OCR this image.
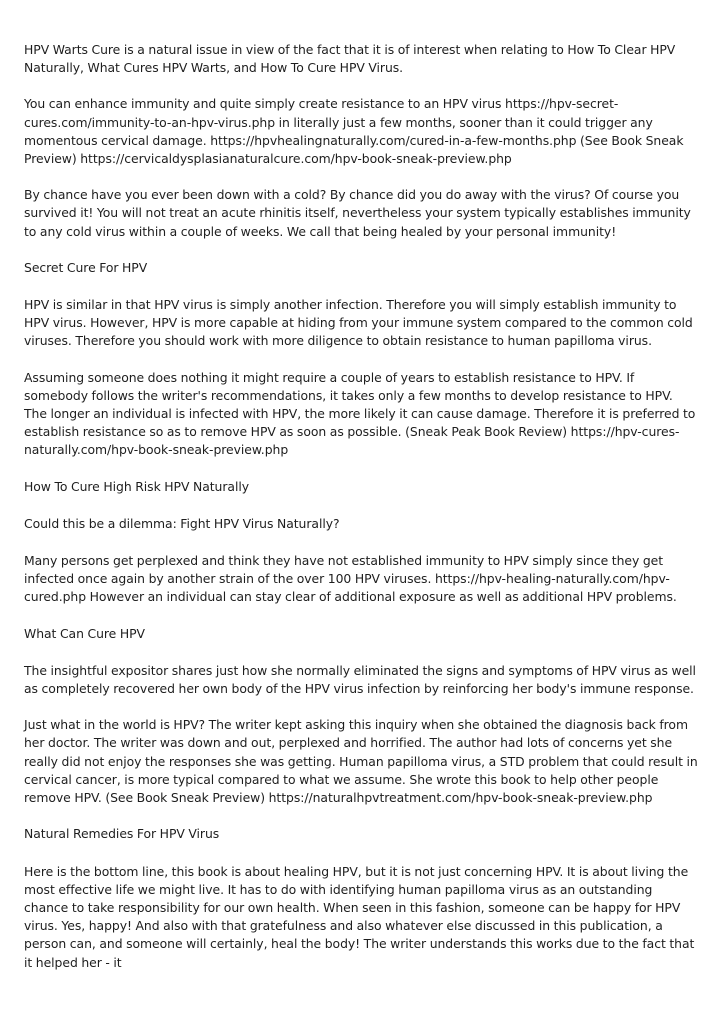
HPV Warts Cure is a natural issue in view of the fact that it is of interest when relating to How To Clear HPV Naturally, What Cures HPV Warts, and How To Cure HPV Virus.

You can enhance immunity and quite simply create resistance to an HPV virus https://hpv-secret-cures.com/immunity-to-an-hpv-virus.php in literally just a few months, sooner than it could trigger any momentous cervical damage. https://hpvhealingnaturally.com/cured-in-a-few-months.php (See Book Sneak Preview) https://cervicaldysplasianaturalcure.com/hpv-book-sneak-preview.php

By chance have you ever been down with a cold? By chance did you do away with the virus? Of course you survived it! You will not treat an acute rhinitis itself, nevertheless your system typically establishes immunity to any cold virus within a couple of weeks. We call that being healed by your personal immunity!

Secret Cure For HPV

HPV is similar in that HPV virus is simply another infection. Therefore you will simply establish immunity to HPV virus. However, HPV is more capable at hiding from your immune system compared to the common cold viruses. Therefore you should work with more diligence to obtain resistance to human papilloma virus.

Assuming someone does nothing it might require a couple of years to establish resistance to HPV. If somebody follows the writer's recommendations, it takes only a few months to develop resistance to HPV. The longer an individual is infected with HPV, the more likely it can cause damage. Therefore it is preferred to establish resistance so as to remove HPV as soon as possible. (Sneak Peak Book Review) https://hpv-cures-naturally.com/hpv-book-sneak-preview.php

How To Cure High Risk HPV Naturally

Could this be a dilemma: Fight HPV Virus Naturally?

Many persons get perplexed and think they have not established immunity to HPV simply since they get infected once again by another strain of the over 100 HPV viruses. https://hpv-healing-naturally.com/hpv-cured.php However an individual can stay clear of additional exposure as well as additional HPV problems.

What Can Cure HPV

The insightful expositor shares just how she normally eliminated the signs and symptoms of HPV virus as well as completely recovered her own body of the HPV virus infection by reinforcing her body's immune response.

Just what in the world is HPV? The writer kept asking this inquiry when she obtained the diagnosis back from her doctor. The writer was down and out, perplexed and horrified. The author had lots of concerns yet she really did not enjoy the responses she was getting. Human papilloma virus, a STD problem that could result in cervical cancer, is more typical compared to what we assume. She wrote this book to help other people remove HPV. (See Book Sneak Preview) https://naturalhpvtreatment.com/hpv-book-sneak-preview.php

Natural Remedies For HPV Virus

Here is the bottom line, this book is about healing HPV, but it is not just concerning HPV. It is about living the most effective life we might live. It has to do with identifying human papilloma virus as an outstanding chance to take responsibility for our own health. When seen in this fashion, someone can be happy for HPV virus. Yes, happy! And also with that gratefulness and also whatever else discussed in this publication, a person can, and someone will certainly, heal the body! The writer understands this works due to the fact that it helped her - it
